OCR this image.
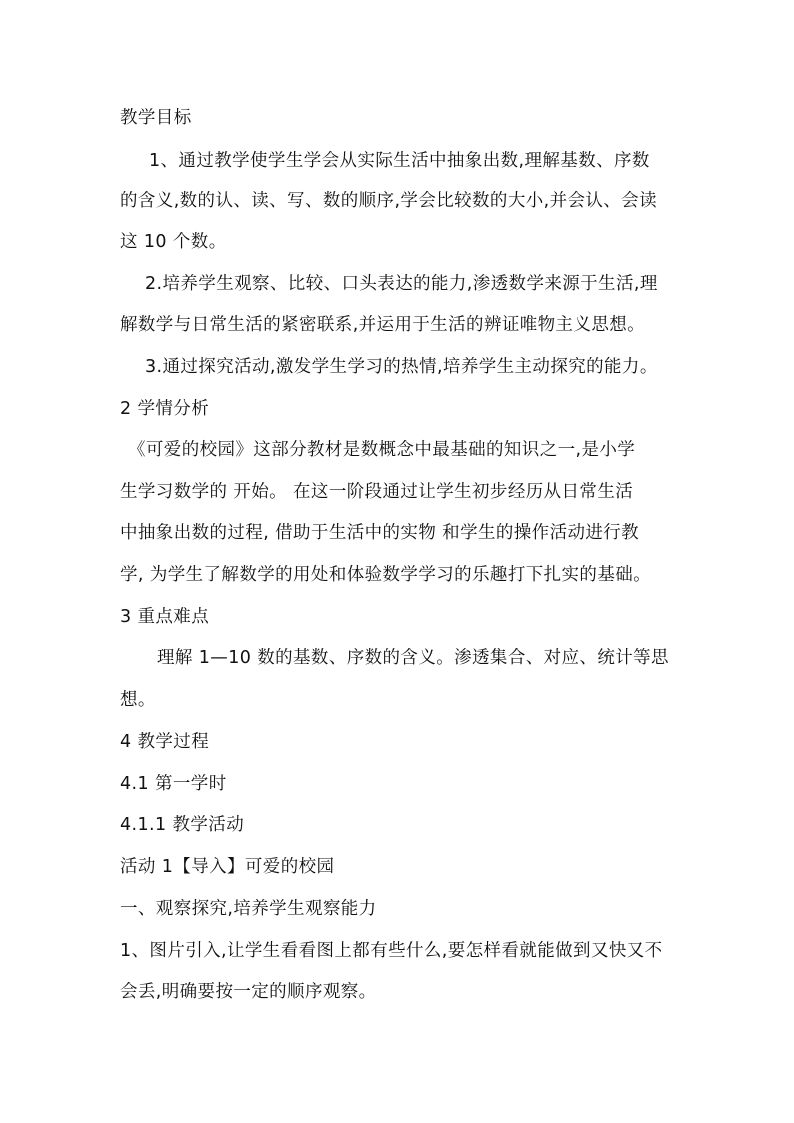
教学目标
1、通过教学使学生学会从实际生活中抽象出数,理解基数、序数
的含义,数的认、读、写、数的顺序,学会比较数的大小,并会认、会读
这 10 个数。
2.培养学生观察、比较、口头表达的能力,渗透数学来源于生活,理
解数学与日常生活的紧密联系,并运用于生活的辨证唯物主义思想。
3.通过探究活动,激发学生学习的热情,培养学生主动探究的能力。
2 学情分析
《可爱的校园》这部分教材是数概念中最基础的知识之一,是小学
生学习数学的 开始。 在这一阶段通过让学生初步经历从日常生活
中抽象出数的过程, 借助于生活中的实物 和学生的操作活动进行教
学, 为学生了解数学的用处和体验数学学习的乐趣打下扎实的基础。
3 重点难点
理解 1—10 数的基数、序数的含义。渗透集合、对应、统计等思
想。
4 教学过程
4.1 第一学时
4.1.1 教学活动
活动 1【导入】可爱的校园
一、观察探究,培养学生观察能力
1、图片引入,让学生看看图上都有些什么,要怎样看就能做到又快又不
会丢,明确要按一定的顺序观察。
